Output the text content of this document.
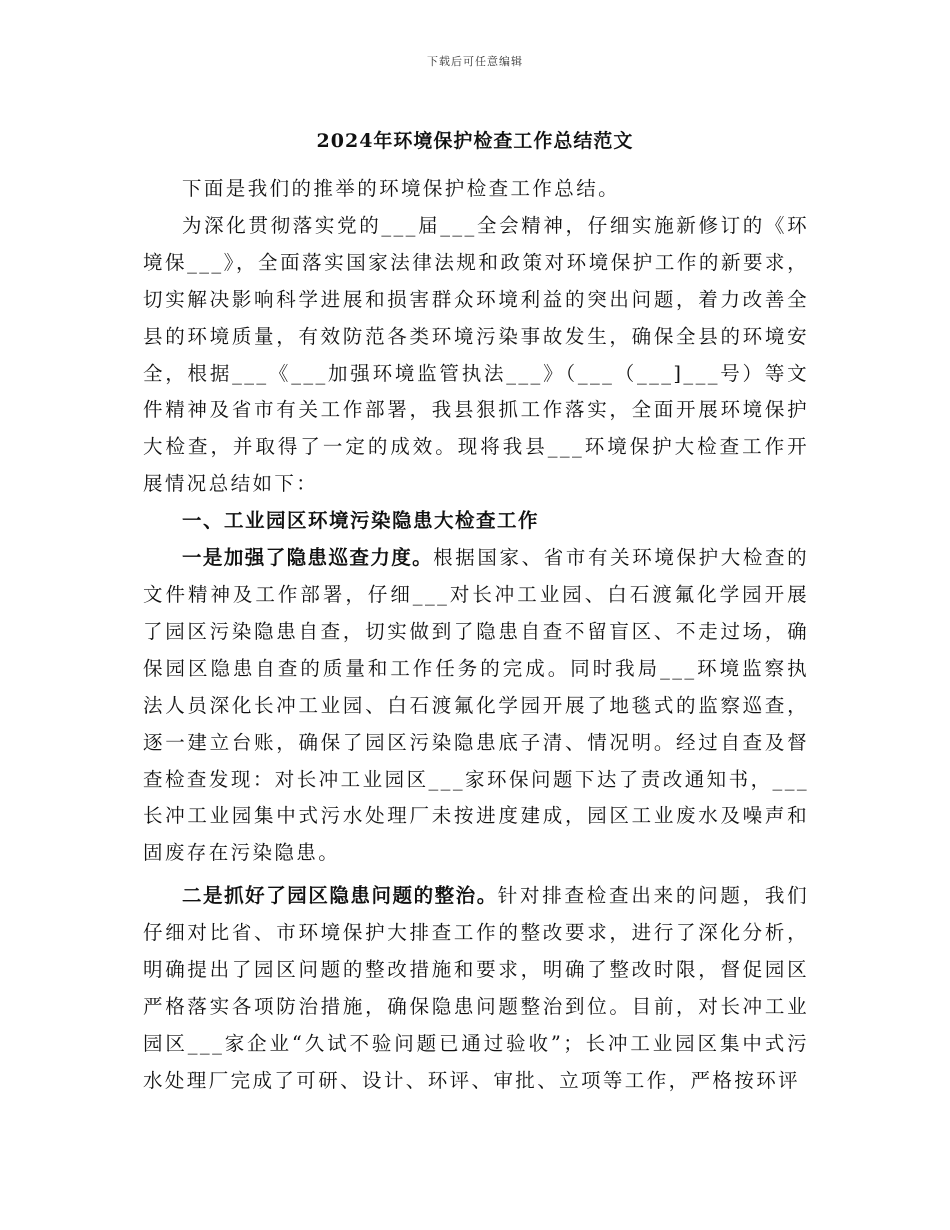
下载后可任意编辑
2024年环境保护检查工作总结范文

下面是我们的推举的环境保护检查工作总结。

为深化贯彻落实党的___届___全会精神，仔细实施新修订的《环境保___》，全面落实国家法律法规和政策对环境保护工作的新要求，切实解决影响科学进展和损害群众环境利益的突出问题，着力改善全县的环境质量，有效防范各类环境污染事故发生，确保全县的环境安全，根据___《___加强环境监管执法___》（___（___]___号）等文件精神及省市有关工作部署，我县狠抓工作落实，全面开展环境保护大检查，并取得了一定的成效。现将我县___环境保护大检查工作开展情况总结如下：

一、工业园区环境污染隐患大检查工作

一是加强了隐患巡查力度。根据国家、省市有关环境保护大检查的文件精神及工作部署，仔细___对长冲工业园、白石渡氟化学园开展了园区污染隐患自查，切实做到了隐患自查不留盲区、不走过场，确保园区隐患自查的质量和工作任务的完成。同时我局___环境监察执法人员深化长冲工业园、白石渡氟化学园开展了地毯式的监察巡查，逐一建立台账，确保了园区污染隐患底子清、情况明。经过自查及督查检查发现：对长冲工业园区___家环保问题下达了责改通知书，___长冲工业园集中式污水处理厂未按进度建成，园区工业废水及噪声和固废存在污染隐患。

二是抓好了园区隐患问题的整治。针对排查检查出来的问题，我们仔细对比省、市环境保护大排查工作的整改要求，进行了深化分析，明确提出了园区问题的整改措施和要求，明确了整改时限，督促园区严格落实各项防治措施，确保隐患问题整治到位。目前，对长冲工业园区___家企业“久试不验问题已通过验收”；长冲工业园区集中式污水处理厂完成了可研、设计、环评、审批、立项等工作，严格按环评
